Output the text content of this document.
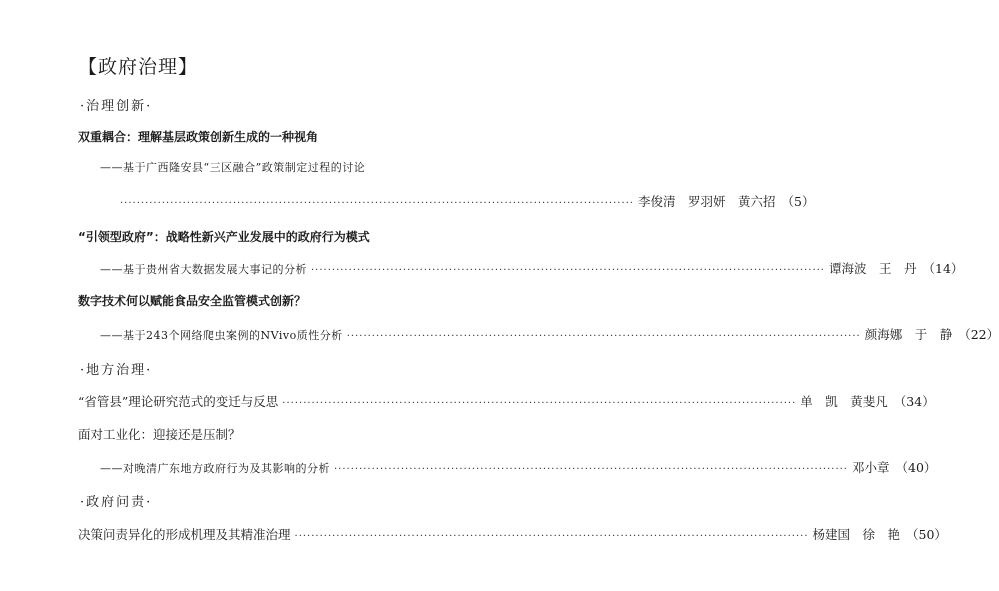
【政府治理】
·治理创新·
双重耦合：理解基层政策创新生成的一种视角
——基于广西隆安县“三区融合”政策制定过程的讨论
··························································································································· 李俊清　罗羽妍　黄六招 （5）
“引领型政府”：战略性新兴产业发展中的政府行为模式
——基于贵州省大数据发展大事记的分析 ··························································································································· 谭海波　王　丹 （14）
数字技术何以赋能食品安全监管模式创新？
——基于243个网络爬虫案例的NVivo质性分析 ··························································································································· 颜海娜　于　静 （22）
·地方治理·
“省管县”理论研究范式的变迁与反思 ··························································································································· 单　凯　黄斐凡 （34）
面对工业化：迎接还是压制？
——对晚清广东地方政府行为及其影响的分析 ··························································································································· 邓小章 （40）
·政府问责·
决策问责异化的形成机理及其精准治理 ··························································································································· 杨建国　徐　艳 （50）
